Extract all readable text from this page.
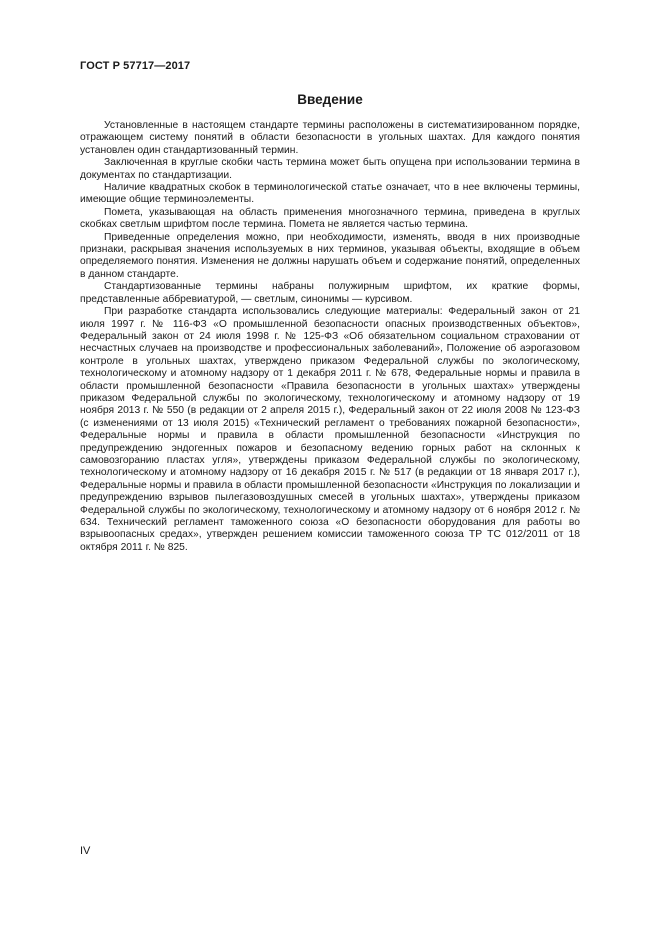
ГОСТ Р 57717—2017
Введение

Установленные в настоящем стандарте термины расположены в систематизированном порядке, отражающем систему понятий в области безопасности в угольных шахтах. Для каждого понятия установлен один стандартизованный термин.

Заключенная в круглые скобки часть термина может быть опущена при использовании термина в документах по стандартизации.

Наличие квадратных скобок в терминологической статье означает, что в нее включены термины, имеющие общие терминоэлементы.

Помета, указывающая на область применения многозначного термина, приведена в круглых скобках светлым шрифтом после термина. Помета не является частью термина.

Приведенные определения можно, при необходимости, изменять, вводя в них производные признаки, раскрывая значения используемых в них терминов, указывая объекты, входящие в объем определяемого понятия. Изменения не должны нарушать объем и содержание понятий, определенных в данном стандарте.

Стандартизованные термины набраны полужирным шрифтом, их краткие формы, представленные аббревиатурой, — светлым, синонимы — курсивом.

При разработке стандарта использовались следующие материалы: Федеральный закон от 21 июля 1997 г. № 116-ФЗ «О промышленной безопасности опасных производственных объектов», Федеральный закон от 24 июля 1998 г. № 125-ФЗ «Об обязательном социальном страховании от несчастных случаев на производстве и профессиональных заболеваний», Положение об аэрогазовом контроле в угольных шахтах, утверждено приказом Федеральной службы по экологическому, технологическому и атомному надзору от 1 декабря 2011 г. № 678, Федеральные нормы и правила в области промышленной безопасности «Правила безопасности в угольных шахтах» утверждены приказом Федеральной службы по экологическому, технологическому и атомному надзору от 19 ноября 2013 г. № 550 (в редакции от 2 апреля 2015 г.), Федеральный закон от 22 июля 2008 № 123-ФЗ (с изменениями от 13 июля 2015) «Технический регламент о требованиях пожарной безопасности», Федеральные нормы и правила в области промышленной безопасности «Инструкция по предупреждению эндогенных пожаров и безопасному ведению горных работ на склонных к самовозгоранию пластах угля», утверждены приказом Федеральной службы по экологическому, технологическому и атомному надзору от 16 декабря 2015 г. № 517 (в редакции от 18 января 2017 г.), Федеральные нормы и правила в области промышленной безопасности «Инструкция по локализации и предупреждению взрывов пылегазовоздушных смесей в угольных шахтах», утверждены приказом Федеральной службы по экологическому, технологическому и атомному надзору от 6 ноября 2012 г. № 634. Технический регламент таможенного союза «О безопасности оборудования для работы во взрывоопасных средах», утвержден решением комиссии таможенного союза ТР ТС 012/2011 от 18 октября 2011 г. № 825.

IV
